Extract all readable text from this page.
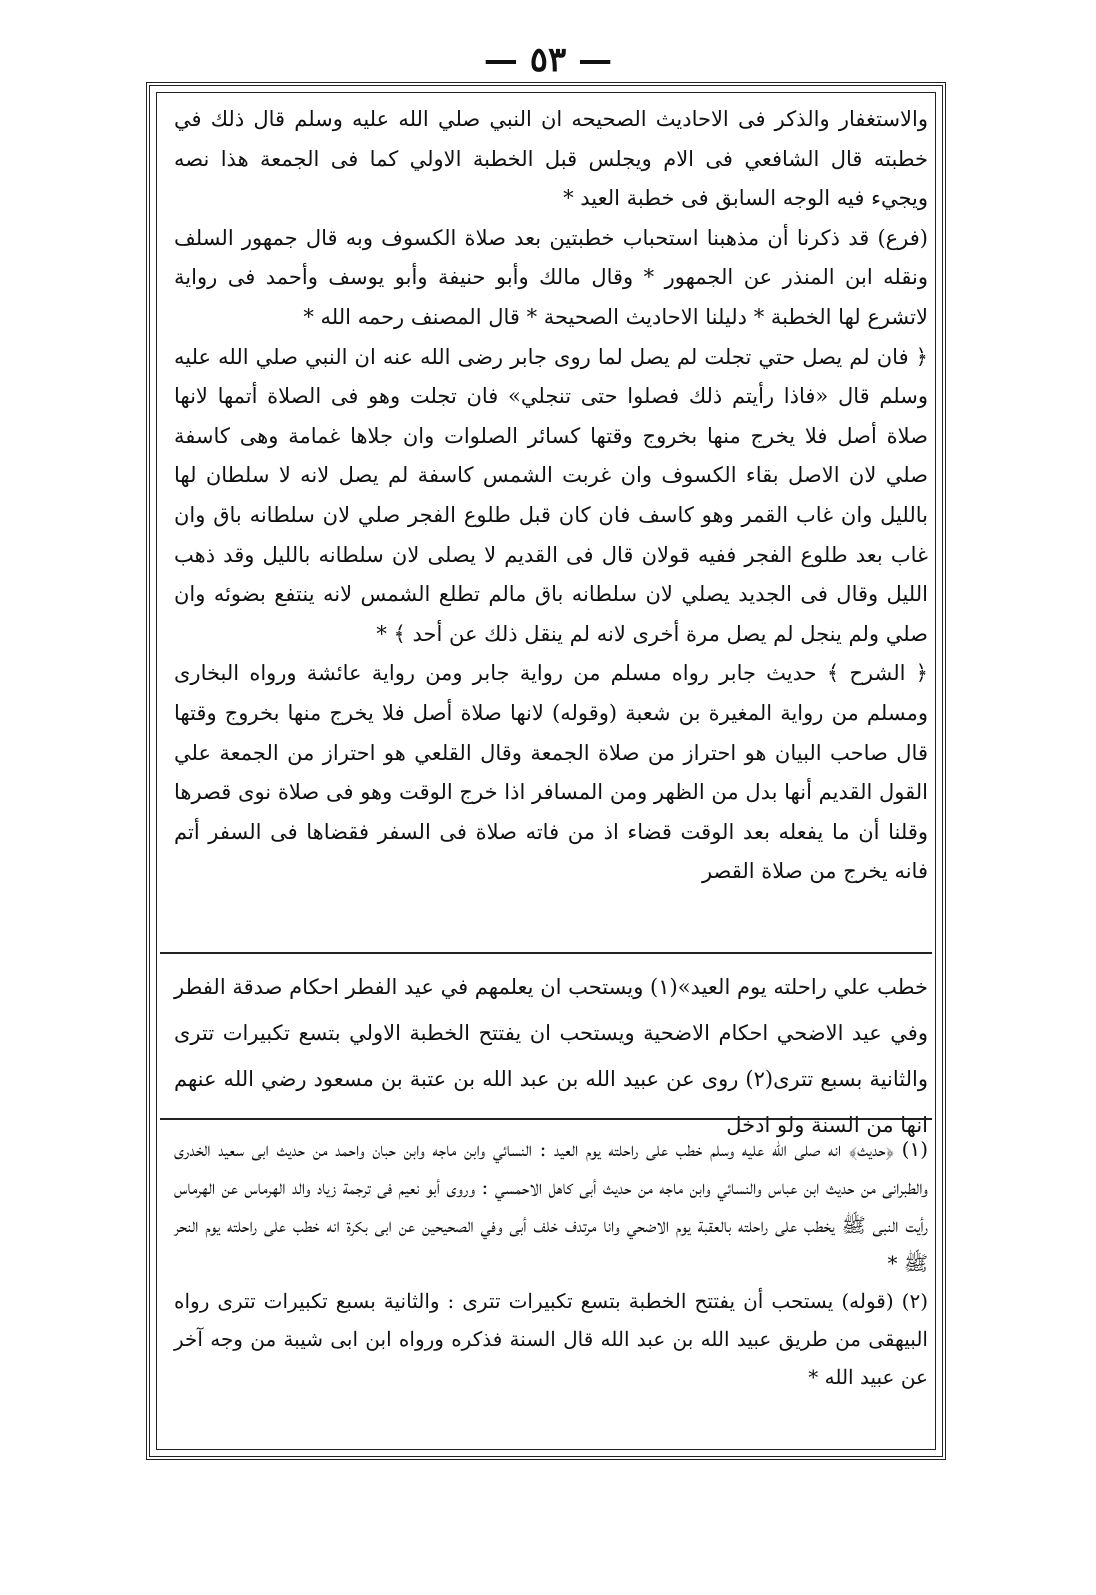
— ٥٣ —

والاستغفار والذكر فى الاحاديث الصحيحه ان النبي صلي الله عليه وسلم قال ذلك في خطبته قال الشافعي فى الام ويجلس قبل الخطبة الاولي كما فى الجمعة هذا نصه ويجيء فيه الوجه السابق فى خطبة العيد *

(فرع) قد ذكرنا أن مذهبنا استحباب خطبتين بعد صلاة الكسوف وبه قال جمهور السلف ونقله ابن المنذر عن الجمهور * وقال مالك وأبو حنيفة وأبو يوسف وأحمد فى رواية لاتشرع لها الخطبة * دليلنا الاحاديث الصحيحة * قال المصنف رحمه الله *

﴿ فان لم يصل حتي تجلت لم يصل لما روى جابر رضى الله عنه ان النبي صلي الله عليه وسلم قال «فاذا رأيتم ذلك فصلوا حتى تنجلي» فان تجلت وهو فى الصلاة أتمها لانها صلاة أصل فلا يخرج منها بخروج وقتها كسائر الصلوات وان جلاها غمامة وهى كاسفة صلي لان الاصل بقاء الكسوف وان غربت الشمس كاسفة لم يصل لانه لا سلطان لها بالليل وان غاب القمر وهو كاسف فان كان قبل طلوع الفجر صلي لان سلطانه باق وان غاب بعد طلوع الفجر ففيه قولان قال فى القديم لا يصلى لان سلطانه بالليل وقد ذهب الليل وقال فى الجديد يصلي لان سلطانه باق مالم تطلع الشمس لانه ينتفع بضوئه وان صلي ولم ينجل لم يصل مرة أخرى لانه لم ينقل ذلك عن أحد ﴾ *

﴿ الشرح ﴾ حديث جابر رواه مسلم من رواية جابر ومن رواية عائشة ورواه البخارى ومسلم من رواية المغيرة بن شعبة (وقوله) لانها صلاة أصل فلا يخرج منها بخروج وقتها قال صاحب البيان هو احتراز من صلاة الجمعة وقال القلعي هو احتراز من الجمعة علي القول القديم أنها بدل من الظهر ومن المسافر اذا خرج الوقت وهو فى صلاة نوى قصرها وقلنا أن ما يفعله بعد الوقت قضاء اذ من فاته صلاة فى السفر فقضاها فى السفر أتم فانه يخرج من صلاة القصر

خطب علي راحلته يوم العيد»(١) ويستحب ان يعلمهم في عيد الفطر احكام صدقة الفطر وفي عيد الاضحي احكام الاضحية ويستحب ان يفتتح الخطبة الاولي بتسع تكبيرات تترى والثانية بسبع تترى(٢) روى عن عبيد الله بن عبد الله بن عتبة بن مسعود رضي الله عنهم انها من السنة ولو ادخل

(١) ﴿حديث﴾ انه صلى الله عليه وسلم خطب على راحلته يوم العيد : النسائي وابن ماجه وابن حبان واحمد من حديث ابى سعيد الخدرى والطبرانى من حديث ابن عباس والنسائي وابن ماجه من حديث أبى كاهل الاحمسي : وروى أبو نعيم فى ترجمة زياد والد الهرماس عن الهرماس رأيت النبى ﷺ يخطب على راحلته بالعقبة يوم الاضحي وانا مرتدف خلف أبى وفي الصحيحين عن ابى بكرة انه خطب على راحلته يوم النحر ﷺ *

(٢) (قوله) يستحب أن يفتتح الخطبة بتسع تكبيرات تترى : والثانية بسبع تكبيرات تترى رواه البيهقى من طريق عبيد الله بن عبد الله قال السنة فذكره ورواه ابن ابى شيبة من وجه آخر عن عبيد الله *
